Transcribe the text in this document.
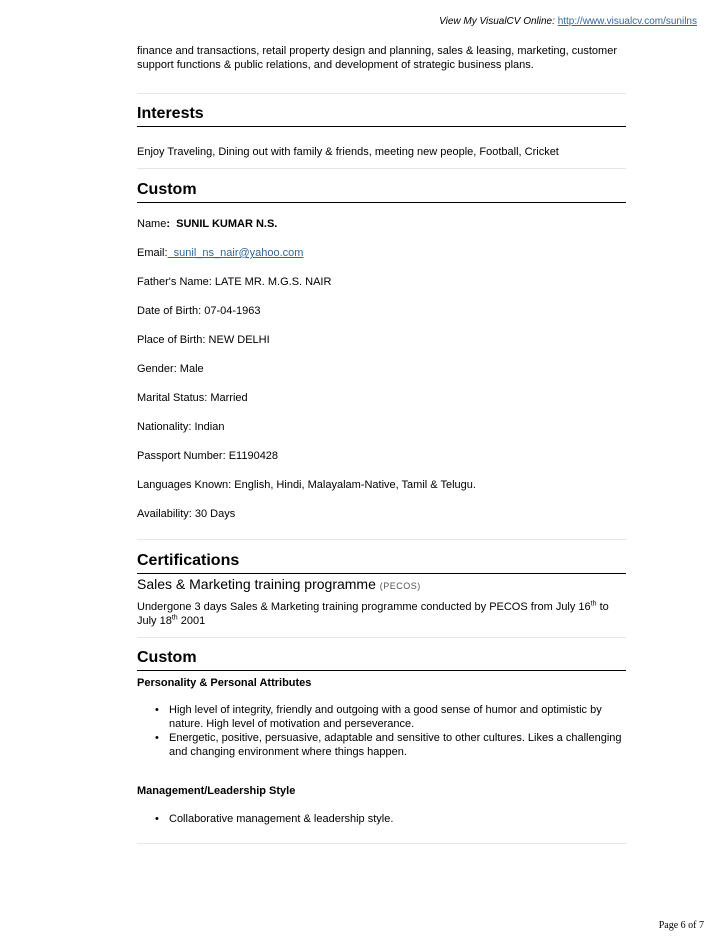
View My VisualCV Online: http://www.visualcv.com/sunilns

finance and transactions, retail property design and planning, sales & leasing, marketing, customer support functions & public relations, and development of strategic business plans.

Interests
Enjoy Traveling, Dining out with family & friends, meeting new people, Football, Cricket
Custom
Name:  SUNIL KUMAR N.S.
Email:  sunil_ns_nair@yahoo.com
Father's Name: LATE MR. M.G.S. NAIR
Date of Birth: 07-04-1963
Place of Birth: NEW DELHI
Gender: Male
Marital Status: Married
Nationality: Indian
Passport Number: E1190428
Languages Known: English, Hindi, Malayalam-Native, Tamil & Telugu.
Availability: 30 Days
Certifications
Sales & Marketing training programme (PECOS)
Undergone 3 days Sales & Marketing training programme conducted by PECOS from July 16th to July 18th 2001
Custom
Personality & Personal Attributes
• High level of integrity, friendly and outgoing with a good sense of humor and optimistic by nature. High level of motivation and perseverance.
• Energetic, positive, persuasive, adaptable and sensitive to other cultures. Likes a challenging and changing environment where things happen.
Management/Leadership Style
• Collaborative management & leadership style.
Page 6 of 7
